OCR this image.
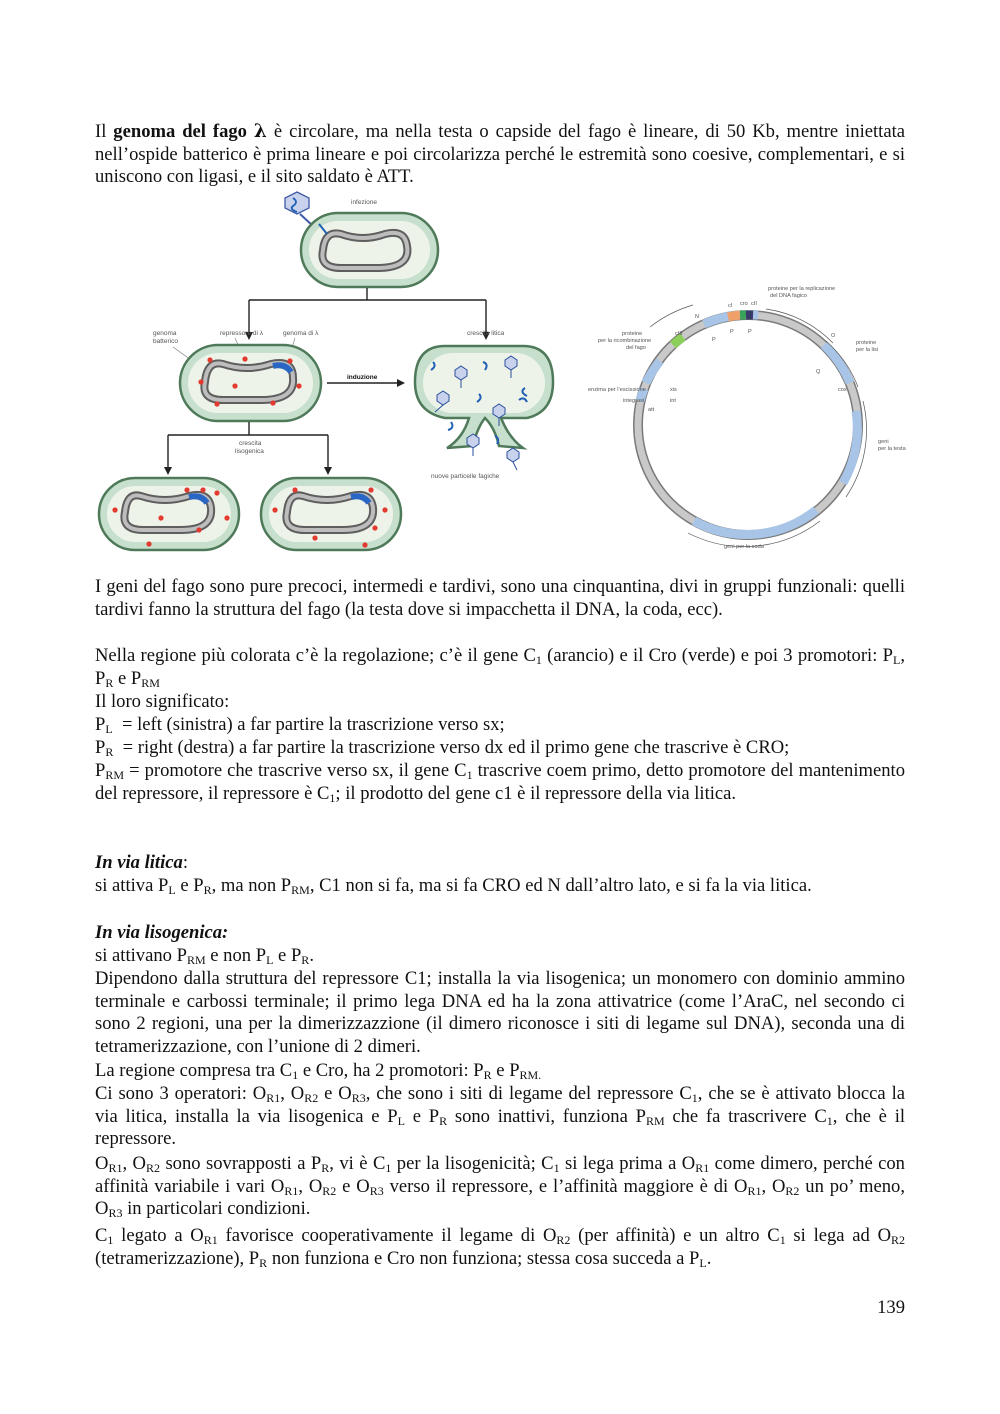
Il genoma del fago λ è circolare, ma nella testa o capside del fago è lineare, di 50 Kb, mentre iniettata nell’ospide batterico è prima lineare e poi circolarizza perché le estremità sono coesive, complementari, e si uniscono con ligasi, e il sito saldato è ATT.

infezione
genoma
batterico
repressore di λ	genoma di λ
induzione
crescita litica
nuove particelle fagiche
crescita
lisogenica
proteine per la replicazione
del DNA fagico
cI cro cII
cIII
N
P
P	P
proteine
per la ricombinazione
del fago
enzima per l’escissione
integrasi
att
O
Q
proteine
per la lisi
cos
geni
per la testa
geni per la coda
xis
int

I geni del fago sono pure precoci, intermedi e tardivi, sono una cinquantina, divi in gruppi funzionali: quelli tardivi fanno la struttura del fago (la testa dove si impacchetta il DNA, la coda, ecc).

Nella regione più colorata c’è la regolazione; c’è il gene $C_1$ (arancio) e il Cro (verde) e poi 3 promotori: $P_L$, $P_R$ e $P_{RM}$

Il loro significato:

$P_L$  = left (sinistra) a far partire la trascrizione verso sx;

$P_R$  = right (destra) a far partire la trascrizione verso dx ed il primo gene che trascrive è CRO;

$P_{RM}$ = promotore che trascrive verso sx, il gene $C_1$ trascrive coem primo, detto promotore del mantenimento del repressore, il repressore è $C_1$; il prodotto del gene c1 è il repressore della via litica.

In via litica:

si attiva $P_L$ e $P_R$, ma non $P_{RM}$, C1 non si fa, ma si fa CRO ed N dall’altro lato, e si fa la via litica.

In via lisogenica:

si attivano $P_{RM}$ e non $P_L$ e $P_R$.

Dipendono dalla struttura del repressore C1; installa la via lisogenica; un monomero con dominio ammino terminale e carbossi terminale; il primo lega DNA ed ha la zona attivatrice (come l’AraC, nel secondo ci sono 2 regioni, una per la dimerizzazzione (il dimero riconosce i siti di legame sul DNA), seconda una di tetramerizzazione, con l’unione di 2 dimeri.

La regione compresa tra $C_1$ e Cro, ha 2 promotori: $P_R$ e $P_{RM.}$

Ci sono 3 operatori: $O_{R1}$, $O_{R2}$ e $O_{R3}$, che sono i siti di legame del repressore $C_1$, che se è attivato blocca la via litica, installa la via lisogenica e $P_L$ e $P_R$ sono inattivi, funziona $P_{RM}$ che fa trascrivere $C_1$, che è il repressore.

$O_{R1}$, $O_{R2}$ sono sovrapposti a $P_R$, vi è $C_1$ per la lisogenicità; $C_1$ si lega prima a $O_{R1}$ come dimero, perché con affinità variabile i vari $O_{R1}$, $O_{R2}$ e $O_{R3}$ verso il repressore, e l’affinità maggiore è di $O_{R1}$, $O_{R2}$ un po’ meno, $O_{R3}$ in particolari condizioni.

$C_1$ legato a $O_{R1}$ favorisce cooperativamente il legame di $O_{R2}$ (per affinità) e un altro $C_1$ si lega ad $O_{R2}$ (tetramerizzazione), $P_R$ non funziona e Cro non funziona; stessa cosa succeda a $P_L$.

139
